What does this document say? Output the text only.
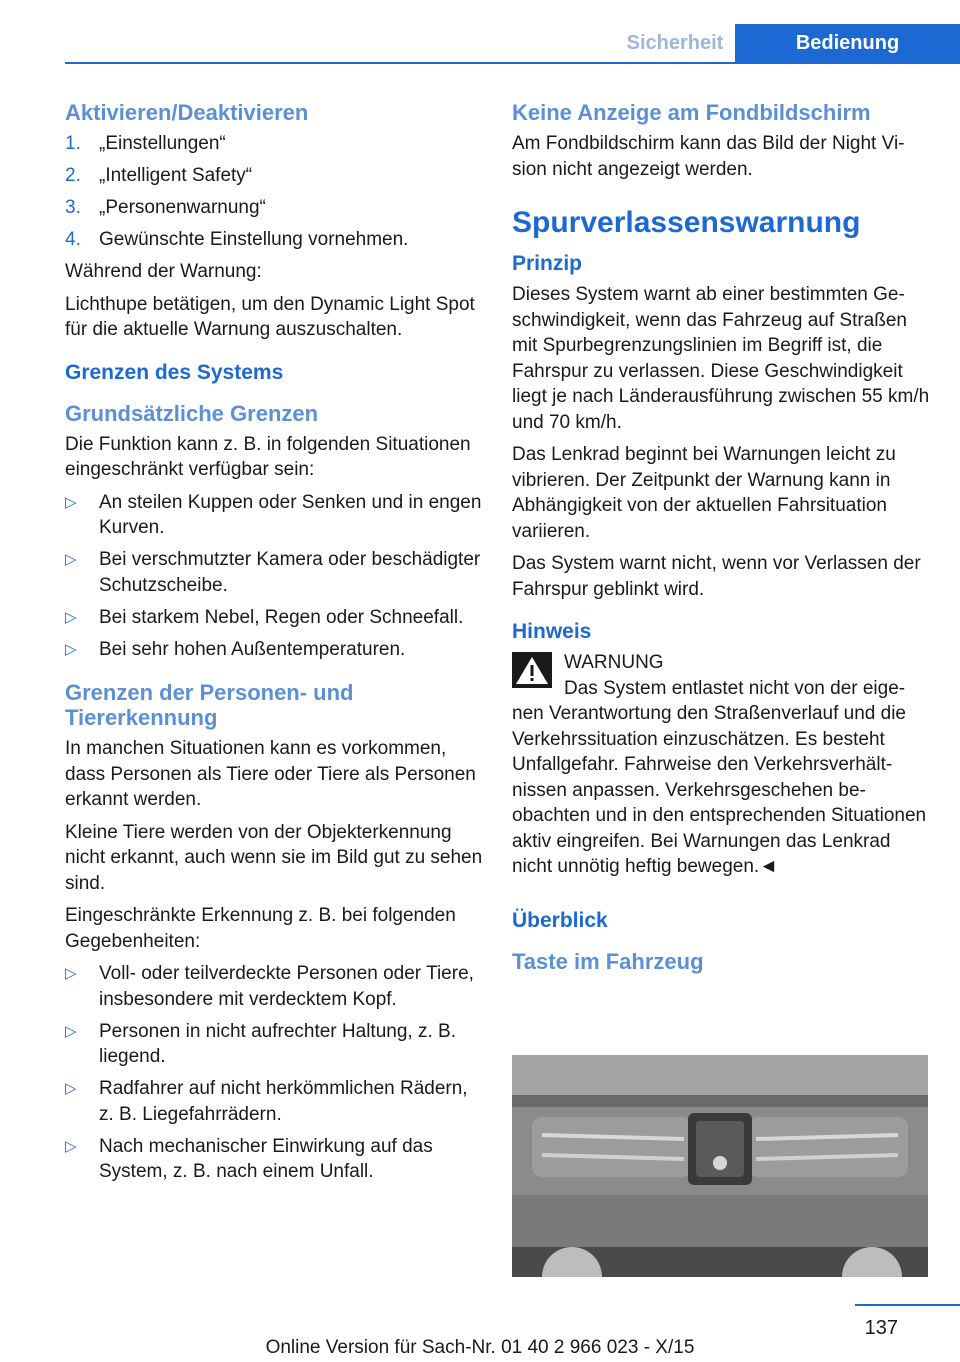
Sicherheit	Bedienung
Aktivieren/Deaktivieren
1. „Einstellungen“
2. „Intelligent Safety“
3. „Personenwarnung“
4. Gewünschte Einstellung vornehmen.

Während der Warnung:

Lichthupe betätigen, um den Dynamic Light Spot für die aktuelle Warnung auszuschalten.

Grenzen des Systems
Grundsätzliche Grenzen

Die Funktion kann z. B. in folgenden Situationen eingeschränkt verfügbar sein:

▷ An steilen Kuppen oder Senken und in engen Kurven.
▷ Bei verschmutzter Kamera oder beschädigter Schutzscheibe.
▷ Bei starkem Nebel, Regen oder Schneefall.
▷ Bei sehr hohen Außentemperaturen.
Grenzen der Personen- und Tiererkennung

In manchen Situationen kann es vorkommen, dass Personen als Tiere oder Tiere als Personen erkannt werden.

Kleine Tiere werden von der Objekterkennung nicht erkannt, auch wenn sie im Bild gut zu sehen sind.

Eingeschränkte Erkennung z. B. bei folgenden Gegebenheiten:

▷ Voll- oder teilverdeckte Personen oder Tiere, insbesondere mit verdecktem Kopf.
▷ Personen in nicht aufrechter Haltung, z. B. liegend.
▷ Radfahrer auf nicht herkömmlichen Rädern, z. B. Liegefahrrädern.
▷ Nach mechanischer Einwirkung auf das System, z. B. nach einem Unfall.
Keine Anzeige am Fondbildschirm

Am Fondbildschirm kann das Bild der Night Vision nicht angezeigt werden.

Spurverlassenswarnung
Prinzip

Dieses System warnt ab einer bestimmten Geschwindigkeit, wenn das Fahrzeug auf Straßen mit Spurbegrenzungslinien im Begriff ist, die Fahrspur zu verlassen. Diese Geschwindigkeit liegt je nach Länderausführung zwischen 55 km/h und 70 km/h.

Das Lenkrad beginnt bei Warnungen leicht zu vibrieren. Der Zeitpunkt der Warnung kann in Abhängigkeit von der aktuellen Fahrsituation variieren.

Das System warnt nicht, wenn vor Verlassen der Fahrspur geblinkt wird.

Hinweis

WARNUNG

Das System entlastet nicht von der eigenen Verantwortung den Straßenverlauf und die Verkehrssituation einzuschätzen. Es besteht Unfallgefahr. Fahrweise den Verkehrsverhältnissen anpassen. Verkehrsgeschehen beobachten und in den entsprechenden Situationen aktiv eingreifen. Bei Warnungen das Lenkrad nicht unnötig heftig bewegen.◄

Überblick
Taste im Fahrzeug
137
Online Version für Sach-Nr. 01 40 2 966 023 - X/15
